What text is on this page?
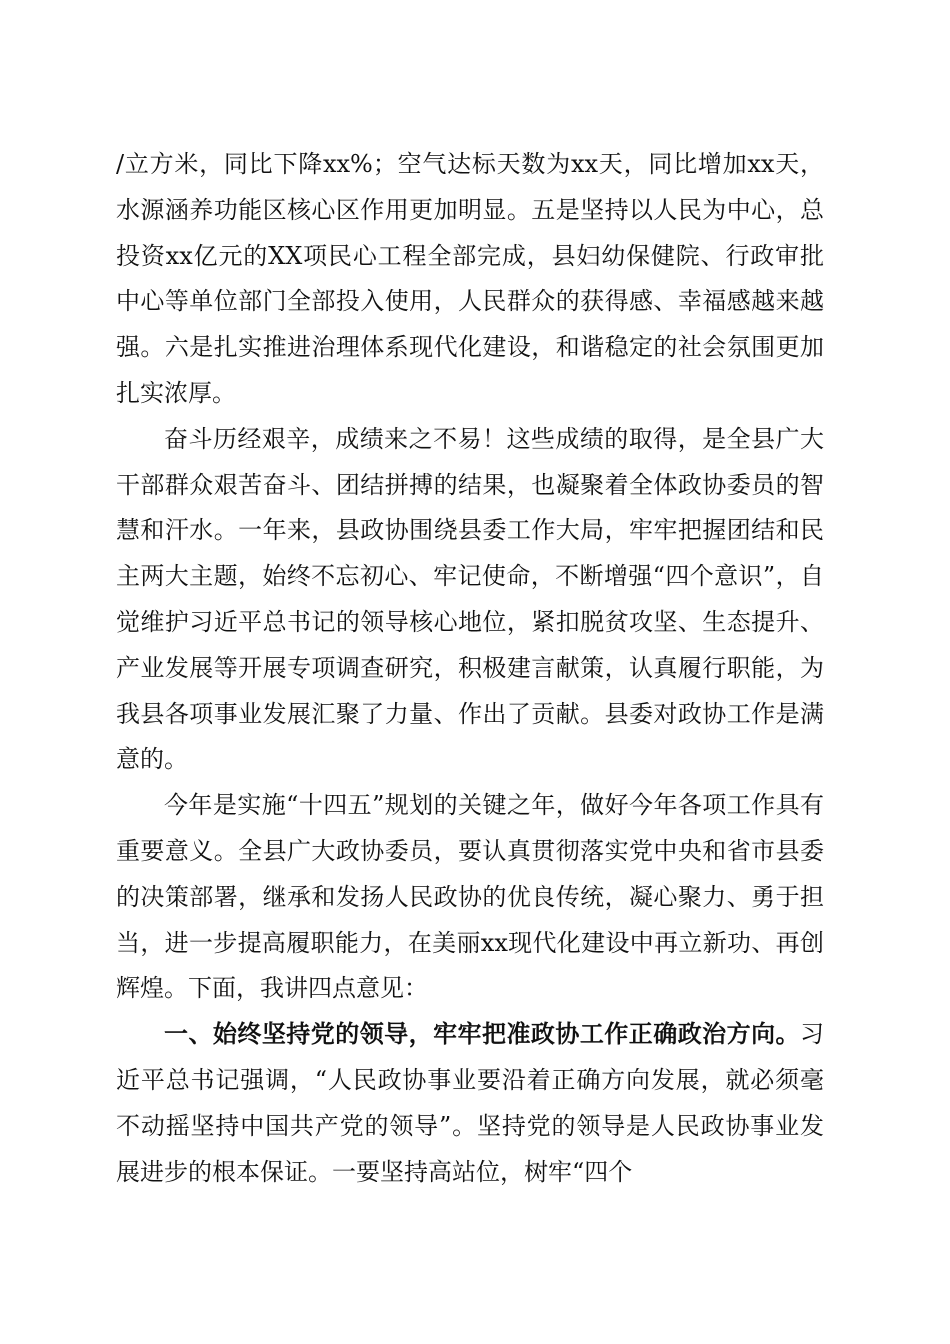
/立方米，同比下降xx%；空气达标天数为xx天，同比增加xx天，水源涵养功能区核心区作用更加明显。五是坚持以人民为中心，总投资xx亿元的XX项民心工程全部完成，县妇幼保健院、行政审批中心等单位部门全部投入使用，人民群众的获得感、幸福感越来越强。六是扎实推进治理体系现代化建设，和谐稳定的社会氛围更加扎实浓厚。

奋斗历经艰辛，成绩来之不易！这些成绩的取得，是全县广大干部群众艰苦奋斗、团结拼搏的结果，也凝聚着全体政协委员的智慧和汗水。一年来，县政协围绕县委工作大局，牢牢把握团结和民主两大主题，始终不忘初心、牢记使命，不断增强“四个意识”，自觉维护习近平总书记的领导核心地位，紧扣脱贫攻坚、生态提升、产业发展等开展专项调查研究，积极建言献策，认真履行职能，为我县各项事业发展汇聚了力量、作出了贡献。县委对政协工作是满意的。

今年是实施“十四五”规划的关键之年，做好今年各项工作具有重要意义。全县广大政协委员，要认真贯彻落实党中央和省市县委的决策部署，继承和发扬人民政协的优良传统，凝心聚力、勇于担当，进一步提高履职能力，在美丽xx现代化建设中再立新功、再创辉煌。下面，我讲四点意见：

一、始终坚持党的领导，牢牢把准政协工作正确政治方向。习近平总书记强调，“人民政协事业要沿着正确方向发展，就必须毫不动摇坚持中国共产党的领导”。坚持党的领导是人民政协事业发展进步的根本保证。一要坚持高站位，树牢“四个
